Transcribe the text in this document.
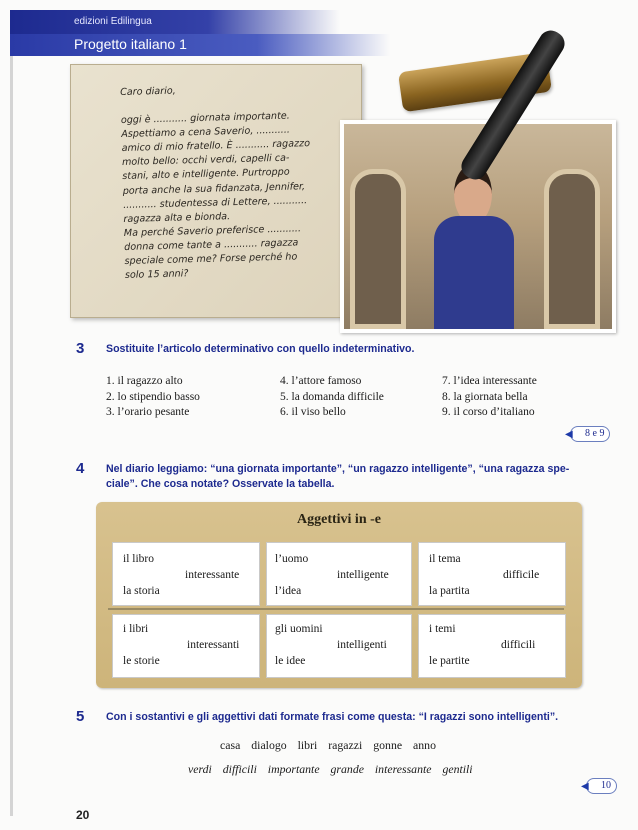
edizioni Edilingua
Progetto italiano 1

Caro diario,

oggi è ........... giornata importante.

Aspettiamo a cena Saverio, ...........

amico di mio fratello. È ........... ragazzo

molto bello: occhi verdi, capelli ca-

stani, alto e intelligente. Purtroppo

porta anche la sua fidanzata, Jennifer,

........... studentessa di Lettere, ...........

ragazza alta e bionda.

Ma perché Saverio preferisce ...........

donna come tante a ........... ragazza

speciale come me? Forse perché ho

solo 15 anni?

3 Sostituite l’articolo determinativo con quello indeterminativo.
1. il ragazzo alto
2. lo stipendio basso
3. l’orario pesante
4. l’attore famoso
5. la domanda difficile
6. il viso bello
7. l’idea interessante
8. la giornata bella
9. il corso d’italiano
◀	8 e 9
4 Nel diario leggiamo: “una giornata importante”, “un ragazzo intelligente”, “una ragazza spe-
ciale”. Che cosa notate? Osservate la tabella.
Aggettivi in -e
il libro
interessante
la storia
l’uomo
intelligente
l’idea
il tema
difficile
la partita
i libri
interessanti
le storie
gli uomini
intelligenti
le idee
i temi
difficili
le partite
5 Con i sostantivi e gli aggettivi dati formate frasi come questa: “I ragazzi sono intelligenti”.
casa dialogo libri ragazzi gonne anno
verdi difficili importante grande interessante gentili
◀	10
20
